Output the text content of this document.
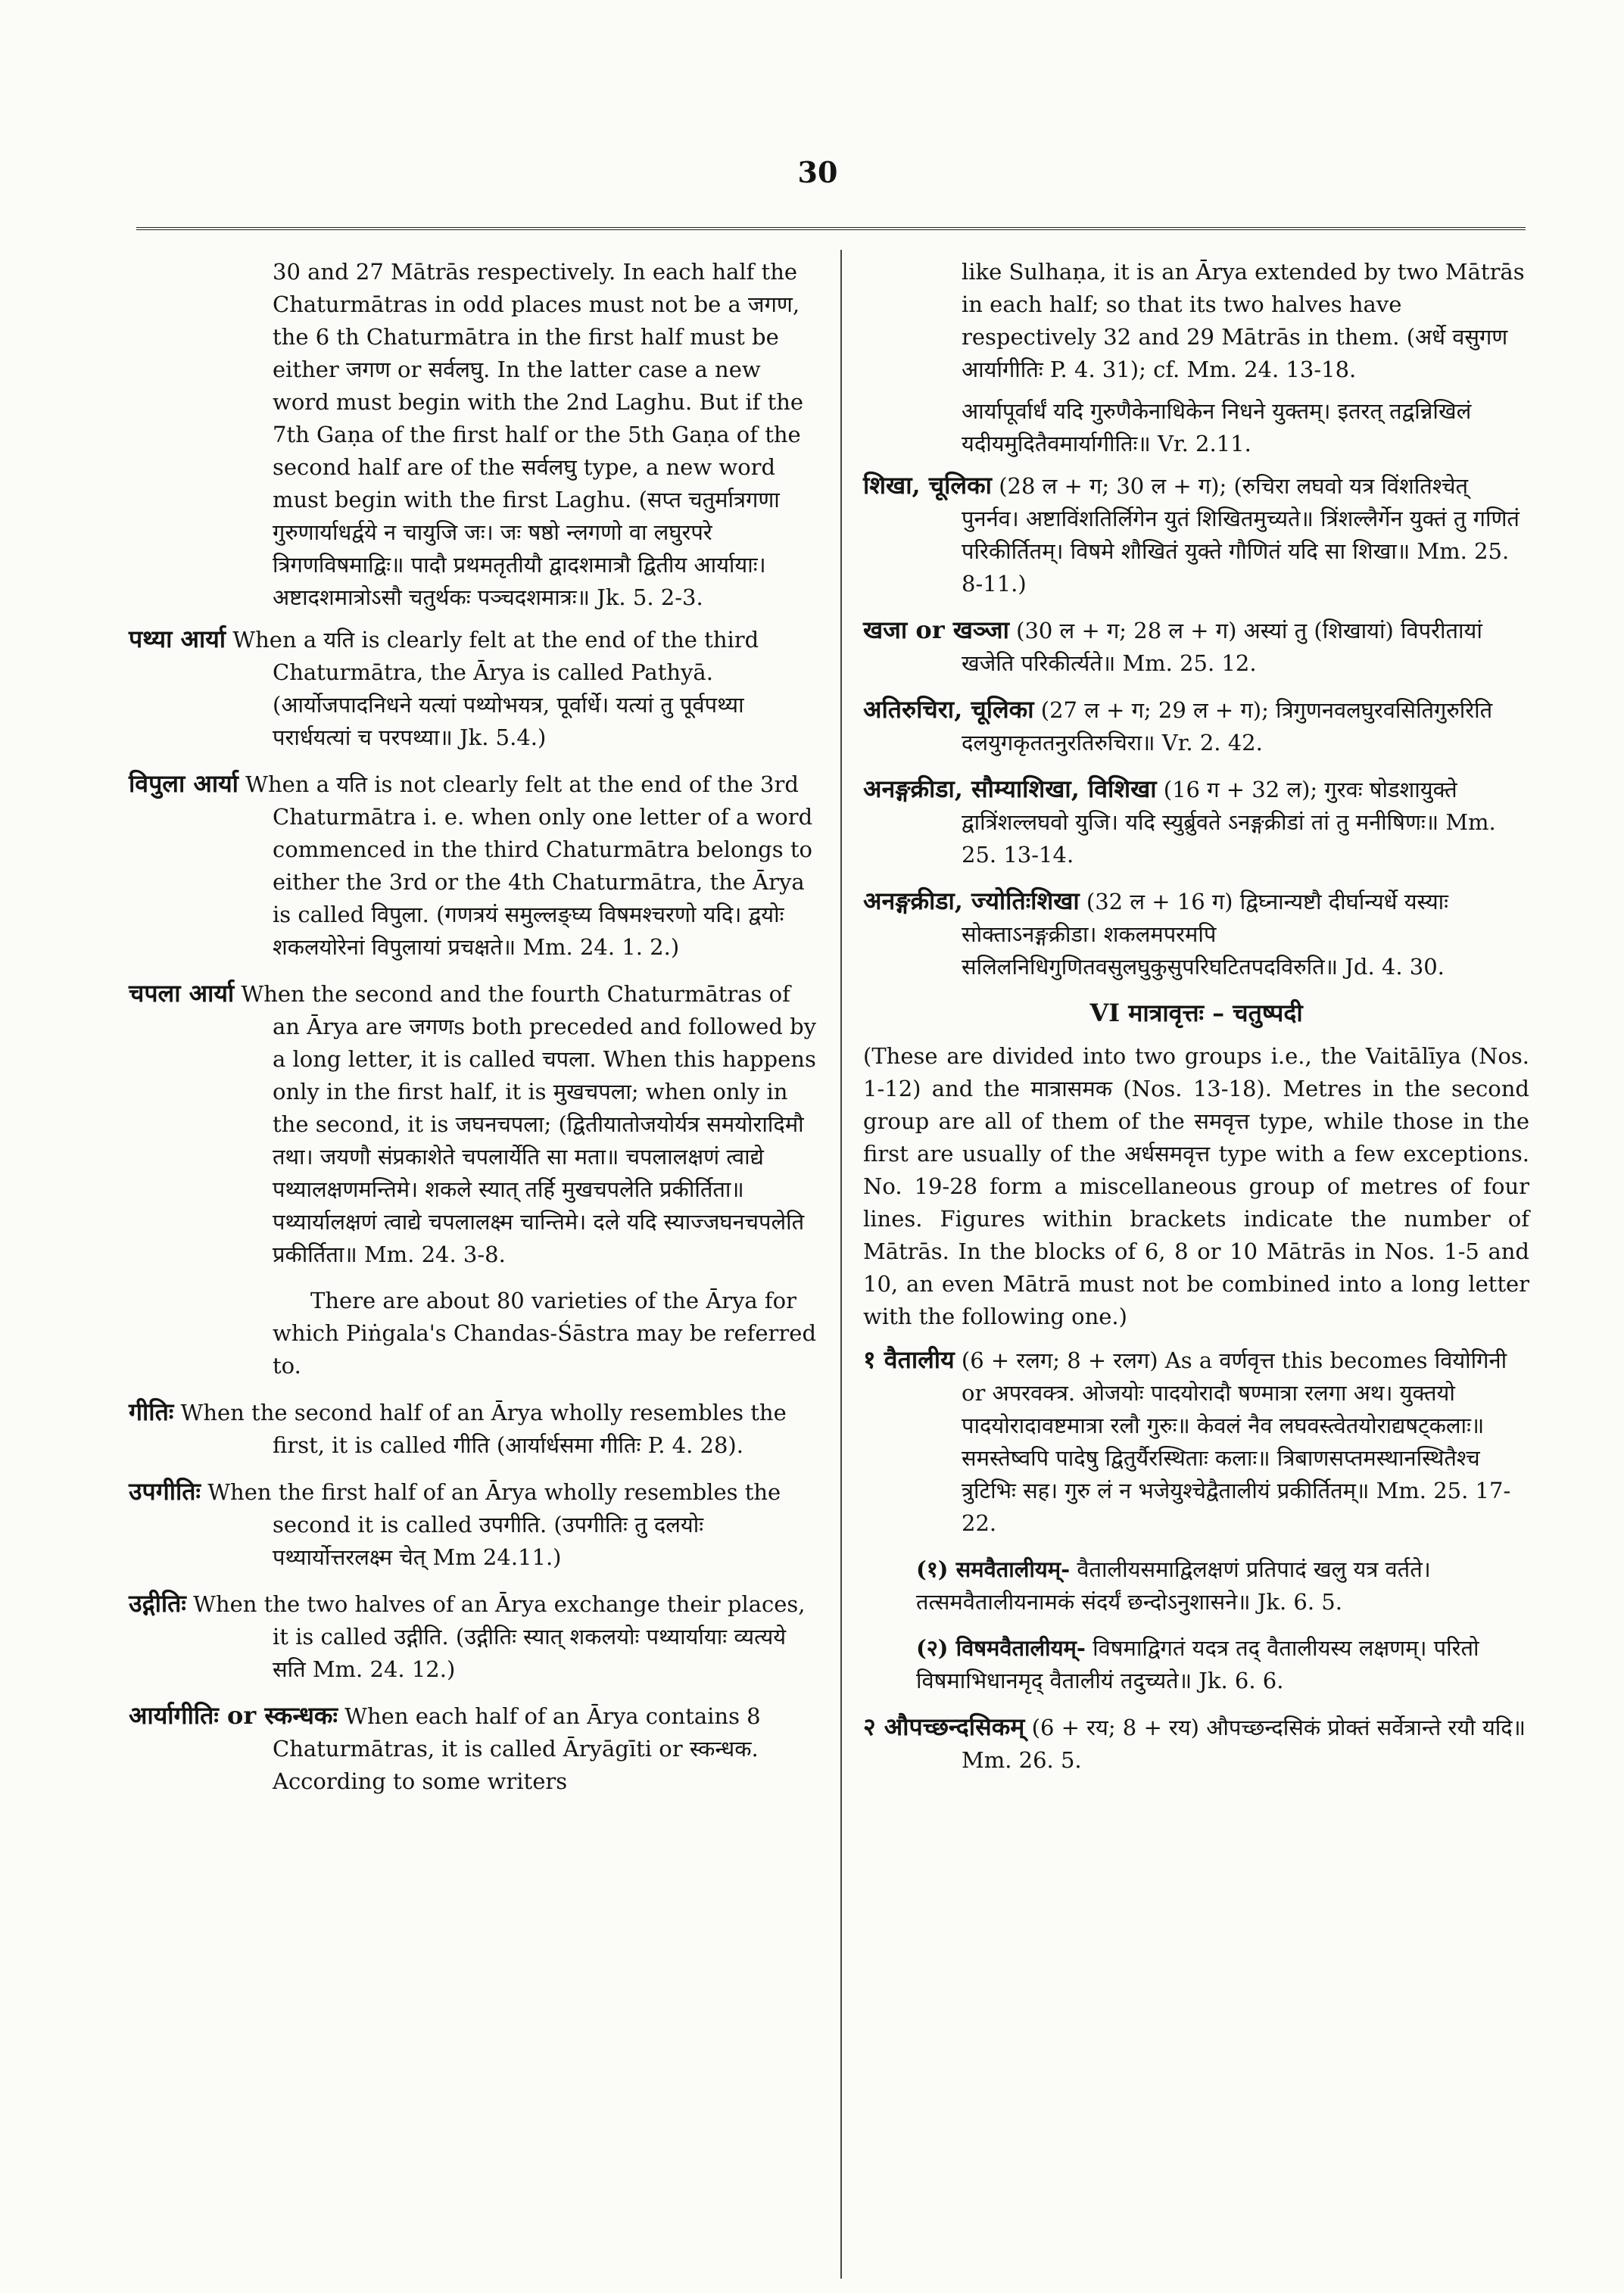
30
30 and 27 Mātrās respectively. In each half the Chaturmātras in odd places must not be a जगण, the 6 th Chaturmātra in the first half must be either जगण or सर्वलघु. In the latter case a new word must begin with the 2nd Laghu. But if the 7th Gaṇa of the first half or the 5th Gaṇa of the second half are of the सर्वलघु type, a new word must begin with the first Laghu. (सप्त चतुर्मात्रगणा गुरुणार्याधर्द्वये न चायुजि जः। जः षष्ठो न्लगणो वा लघुरपरे त्रिगणविषमाद्विः॥ पादौ प्रथमतृतीयौ द्वादशमात्रौ द्वितीय आर्यायाः। अष्टादशमात्रोऽसौ चतुर्थकः पञ्चदशमात्रः॥ Jk. 5. 2-3.
पथ्या आर्या When a यति is clearly felt at the end of the third Chaturmātra, the Ārya is called Pathyā. (आर्योजपादनिधने यत्यां पथ्योभयत्र, पूर्वार्धे। यत्यां तु पूर्वपथ्या परार्धयत्यां च परपथ्या॥ Jk. 5.4.)
विपुला आर्या When a यति is not clearly felt at the end of the 3rd Chaturmātra i. e. when only one letter of a word commenced in the third Chaturmātra belongs to either the 3rd or the 4th Chaturmātra, the Ārya is called विपुला. (गणत्रयं समुल्लङ्घ्य विषमश्चरणो यदि। द्वयोः शकलयोरेनां विपुलायां प्रचक्षते॥ Mm. 24. 1. 2.)
चपला आर्या When the second and the fourth Chaturmātras of an Ārya are जगणs both preceded and followed by a long letter, it is called चपला. When this happens only in the first half, it is मुखचपला; when only in the second, it is जघनचपला; (द्वितीयातोजयोर्यत्र समयोरादिमौ तथा। जयणौ संप्रकाशेते चपलार्येति सा मता॥ चपलालक्षणं त्वाद्ये पथ्यालक्षणमन्तिमे। शकले स्यात् तर्हि मुखचपलेति प्रकीर्तिता॥ पथ्यार्यालक्षणं त्वाद्ये चपलालक्ष्म चान्तिमे। दले यदि स्याज्जघनचपलेति प्रकीर्तिता॥ Mm. 24. 3-8.
There are about 80 varieties of the Ārya for which Piṅgala's Chandas-Śāstra may be referred to.
गीतिः When the second half of an Ārya wholly resembles the first, it is called गीति (आर्यार्धसमा गीतिः P. 4. 28).
उपगीतिः When the first half of an Ārya wholly resembles the second it is called उपगीति. (उपगीतिः तु दलयोः पथ्यार्योत्तरलक्ष्म चेत् Mm 24.11.)
उद्गीतिः When the two halves of an Ārya exchange their places, it is called उद्गीति. (उद्गीतिः स्यात् शकलयोः पथ्यार्यायाः व्यत्यये सति Mm. 24. 12.)
आर्यागीतिः or स्कन्धकः When each half of an Ārya contains 8 Chaturmātras, it is called Āryāgīti or स्कन्धक. According to some writers
like Sulhaṇa, it is an Ārya extended by two Mātrās in each half; so that its two halves have respectively 32 and 29 Mātrās in them. (अर्धे वसुगण आर्यागीतिः P. 4. 31); cf. Mm. 24. 13-18.
आर्यापूर्वार्धं यदि गुरुणैकेनाधिकेन निधने युक्तम्। इतरत् तद्वन्निखिलं यदीयमुदितैवमार्यागीतिः॥ Vr. 2.11.
शिखा, चूलिका (28 ल + ग; 30 ल + ग); (रुचिरा लघवो यत्र विंशतिश्चेत् पुनर्नव। अष्टाविंशतिर्लिगेन युतं शिखितमुच्यते॥ त्रिंशल्लैर्गेन युक्तं तु गणितं परिकीर्तितम्। विषमे शौखितं युक्ते गौणितं यदि सा शिखा॥ Mm. 25. 8-11.)
खजा or खञ्जा (30 ल + ग; 28 ल + ग) अस्यां तु (शिखायां) विपरीतायां खजेति परिकीर्त्यते॥ Mm. 25. 12.
अतिरुचिरा, चूलिका (27 ल + ग; 29 ल + ग); त्रिगुणनवलघुरवसितिगुरुरिति दलयुगकृततनुरतिरुचिरा॥ Vr. 2. 42.
अनङ्गक्रीडा, सौम्याशिखा, विशिखा (16 ग + 32 ल); गुरवः षोडशायुक्ते द्वात्रिंशल्लघवो युजि। यदि स्युर्ब्रुवते ऽनङ्गक्रीडां तां तु मनीषिणः॥ Mm. 25. 13-14.
अनङ्गक्रीडा, ज्योतिःशिखा (32 ल + 16 ग) द्विघ्नान्यष्टौ दीर्घान्यर्धे यस्याः सोक्ताऽनङ्गक्रीडा। शकलमपरमपि सलिलनिधिगुणितवसुलघुकुसुपरिघटितपदविरुति॥ Jd. 4. 30.
VI मात्रावृत्तः – चतुष्पदी
(These are divided into two groups i.e., the Vaitālīya (Nos. 1-12) and the मात्रासमक (Nos. 13-18). Metres in the second group are all of them of the समवृत्त type, while those in the first are usually of the अर्धसमवृत्त type with a few exceptions. No. 19-28 form a miscellaneous group of metres of four lines. Figures within brackets indicate the number of Mātrās. In the blocks of 6, 8 or 10 Mātrās in Nos. 1-5 and 10, an even Mātrā must not be combined into a long letter with the following one.)
१ वैतालीय (6 + रलग; 8 + रलग) As a वर्णवृत्त this becomes वियोगिनी or अपरवक्त्र. ओजयोः पादयोरादौ षण्मात्रा रलगा अथ। युक्तयो पादयोरादावष्टमात्रा रलौ गुरुः॥ केवलं नैव लघवस्त्वेतयोराद्यषट्कलाः॥ समस्तेष्वपि पादेषु द्वितुर्यैरस्थिताः कलाः॥ त्रिबाणसप्तमस्थानस्थितैश्च त्रुटिभिः सह। गुरु लं न भजेयुश्चेद्वैतालीयं प्रकीर्तितम्॥ Mm. 25. 17-22.
(१) समवैतालीयम्- वैतालीयसमाद्विलक्षणं प्रतिपादं खलु यत्र वर्तते। तत्समवैतालीयनामकं संदर्यं छन्दोऽनुशासने॥ Jk. 6. 5.
(२) विषमवैतालीयम्- विषमाद्विगतं यदत्र तद् वैतालीयस्य लक्षणम्। परितो विषमाभिधानमृद् वैतालीयं तदुच्यते॥ Jk. 6. 6.
२ औपच्छन्दसिकम् (6 + रय; 8 + रय) औपच्छन्दसिकं प्रोक्तं सर्वेत्रान्ते रयौ यदि॥ Mm. 26. 5.
